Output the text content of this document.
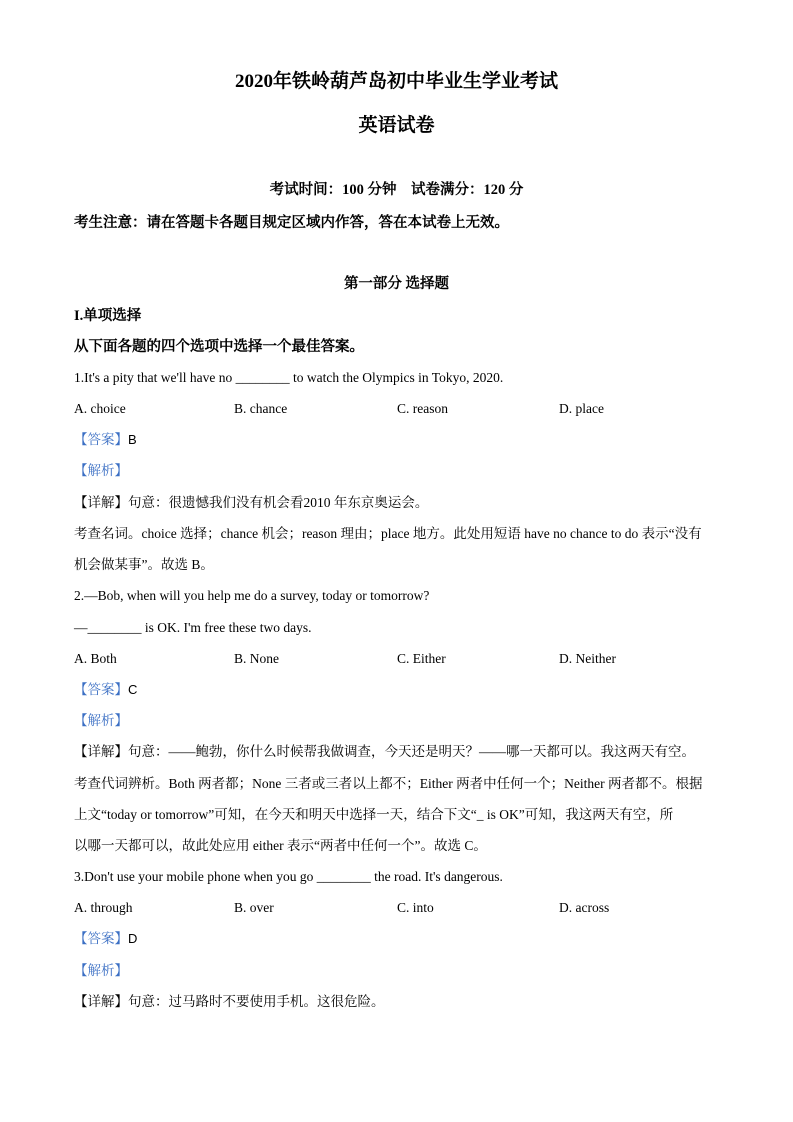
2020年铁岭葫芦岛初中毕业生学业考试
英语试卷
考试时间：100 分钟　试卷满分：120 分
考生注意：请在答题卡各题目规定区域内作答，答在本试卷上无效。
第一部分 选择题
I.单项选择
从下面各题的四个选项中选择一个最佳答案。
1.It's a pity that we'll have no ________ to watch the Olympics in Tokyo, 2020.
A. choice	B. chance	C. reason	D. place
【答案】B
【解析】
【详解】句意：很遗憾我们没有机会看2010 年东京奥运会。
考查名词。choice 选择；chance 机会；reason 理由；place 地方。此处用短语 have no chance to do 表示“没有
机会做某事”。故选 B。
2.—Bob, when will you help me do a survey, today or tomorrow?
—________ is OK. I'm free these two days.
A. Both	B. None	C. Either	D. Neither
【答案】C
【解析】
【详解】句意：——鲍勃，你什么时候帮我做调查，今天还是明天？——哪一天都可以。我这两天有空。
考查代词辨析。Both 两者都；None 三者或三者以上都不；Either 两者中任何一个；Neither 两者都不。根据
上文“today or tomorrow”可知，在今天和明天中选择一天，结合下文“_ is OK”可知，我这两天有空，所
以哪一天都可以，故此处应用 either 表示“两者中任何一个”。故选 C。
3.Don't use your mobile phone when you go ________ the road. It's dangerous.
A. through	B. over	C. into	D. across
【答案】D
【解析】
【详解】句意：过马路时不要使用手机。这很危险。
